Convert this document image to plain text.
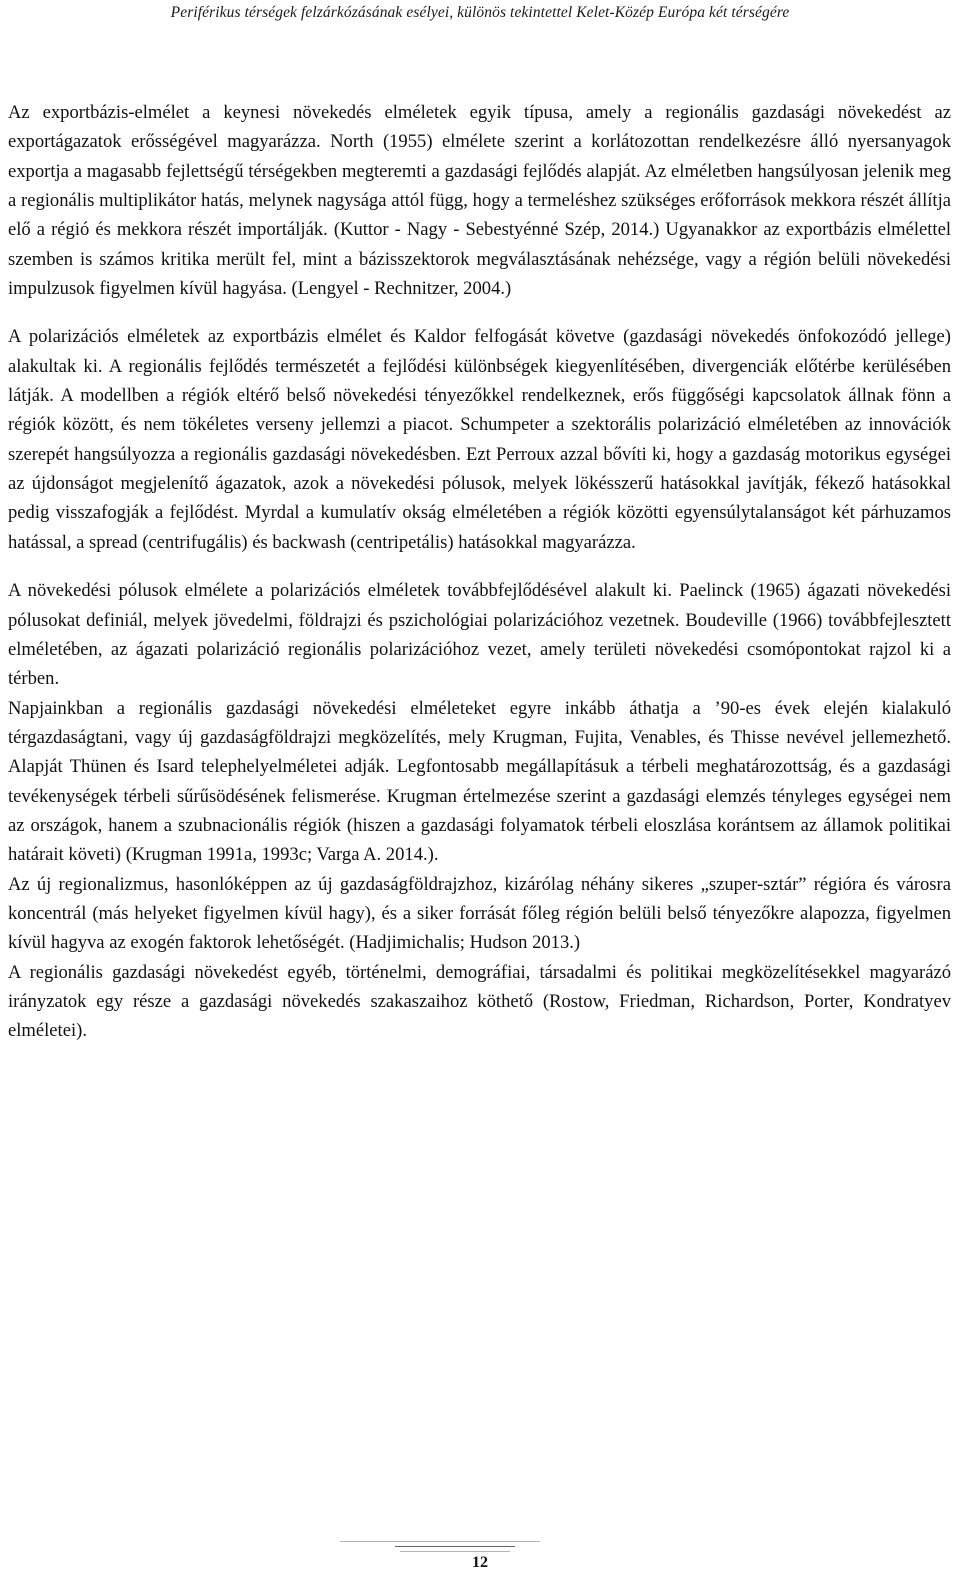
Periférikus térségek felzárkózásának esélyei, különös tekintettel Kelet-Közép Európa két térségére

Az exportbázis-elmélet a keynesi növekedés elméletek egyik típusa, amely a regionális gazdasági növekedést az exportágazatok erősségével magyarázza. North (1955) elmélete szerint a korlátozottan rendelkezésre álló nyersanyagok exportja a magasabb fejlettségű térségekben megteremti a gazdasági fejlődés alapját. Az elméletben hangsúlyosan jelenik meg a regionális multiplikátor hatás, melynek nagysága attól függ, hogy a termeléshez szükséges erőforrások mekkora részét állítja elő a régió és mekkora részét importálják. (Kuttor - Nagy - Sebestyénné Szép, 2014.) Ugyanakkor az exportbázis elmélettel szemben is számos kritika merült fel, mint a bázisszektorok megválasztásának nehézsége, vagy a régión belüli növekedési impulzusok figyelmen kívül hagyása. (Lengyel - Rechnitzer, 2004.)

A polarizációs elméletek az exportbázis elmélet és Kaldor felfogását követve (gazdasági növekedés önfokozódó jellege) alakultak ki. A regionális fejlődés természetét a fejlődési különbségek kiegyenlítésében, divergenciák előtérbe kerülésében látják. A modellben a régiók eltérő belső növekedési tényezőkkel rendelkeznek, erős függőségi kapcsolatok állnak fönn a régiók között, és nem tökéletes verseny jellemzi a piacot. Schumpeter a szektorális polarizáció elméletében az innovációk szerepét hangsúlyozza a regionális gazdasági növekedésben. Ezt Perroux azzal bővíti ki, hogy a gazdaság motorikus egységei az újdonságot megjelenítő ágazatok, azok a növekedési pólusok, melyek lökésszerű hatásokkal javítják, fékező hatásokkal pedig visszafogják a fejlődést. Myrdal a kumulatív okság elméletében a régiók közötti egyensúlytalanságot két párhuzamos hatással, a spread (centrifugális) és backwash (centripetális) hatásokkal magyarázza.

A növekedési pólusok elmélete a polarizációs elméletek továbbfejlődésével alakult ki. Paelinck (1965) ágazati növekedési pólusokat definiál, melyek jövedelmi, földrajzi és pszichológiai polarizációhoz vezetnek. Boudeville (1966) továbbfejlesztett elméletében, az ágazati polarizáció regionális polarizációhoz vezet, amely területi növekedési csomópontokat rajzol ki a térben.

Napjainkban a regionális gazdasági növekedési elméleteket egyre inkább áthatja a ’90-es évek elején kialakuló térgazdaságtani, vagy új gazdaságföldrajzi megközelítés, mely Krugman, Fujita, Venables, és Thisse nevével jellemezhető. Alapját Thünen és Isard telephelyelméletei adják. Legfontosabb megállapításuk a térbeli meghatározottság, és a gazdasági tevékenységek térbeli sűrűsödésének felismerése. Krugman értelmezése szerint a gazdasági elemzés tényleges egységei nem az országok, hanem a szubnacionális régiók (hiszen a gazdasági folyamatok térbeli eloszlása korántsem az államok politikai határait követi) (Krugman 1991a, 1993c; Varga A. 2014.).

Az új regionalizmus, hasonlóképpen az új gazdaságföldrajzhoz, kizárólag néhány sikeres „szuper-sztár” régióra és városra koncentrál (más helyeket figyelmen kívül hagy), és a siker forrását főleg régión belüli belső tényezőkre alapozza, figyelmen kívül hagyva az exogén faktorok lehetőségét. (Hadjimichalis; Hudson 2013.)

A regionális gazdasági növekedést egyéb, történelmi, demográfiai, társadalmi és politikai megközelítésekkel magyarázó irányzatok egy része a gazdasági növekedés szakaszaihoz köthető (Rostow, Friedman, Richardson, Porter, Kondratyev elméletei).

12
